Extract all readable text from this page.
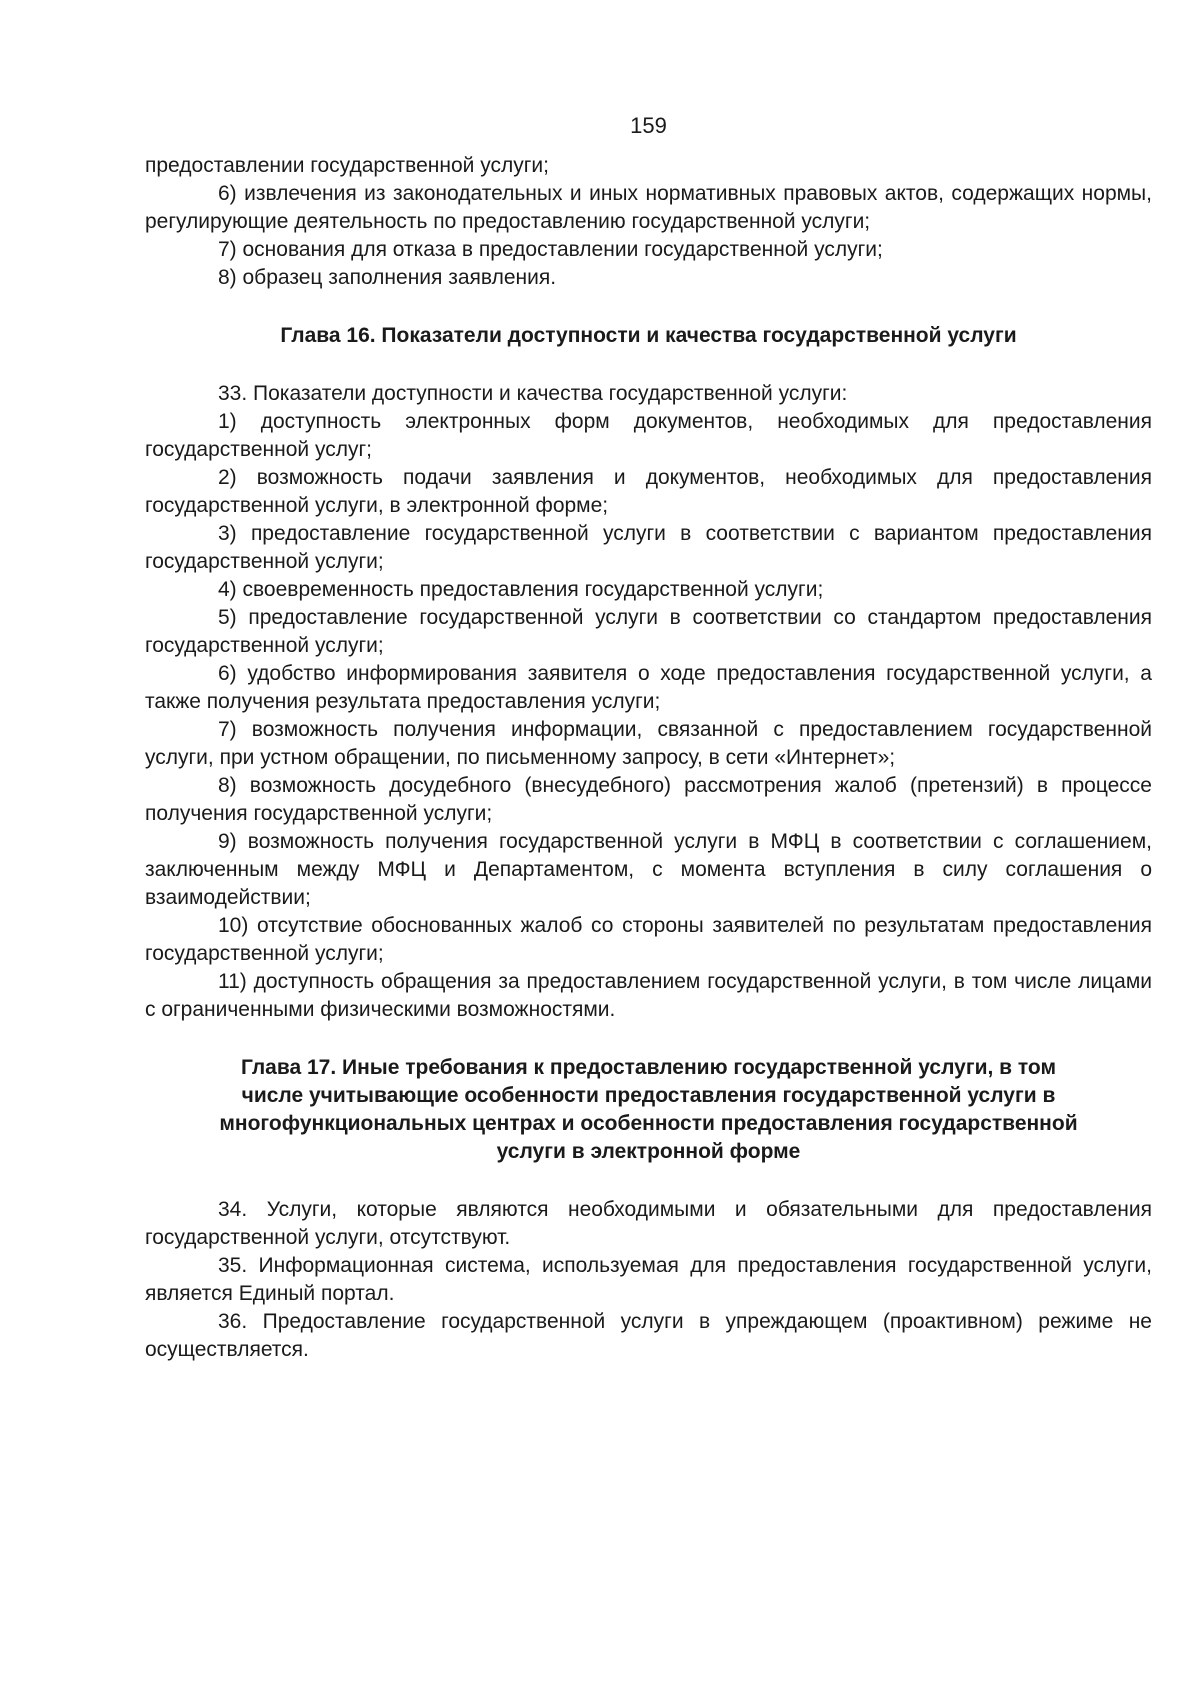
159

предоставлении государственной услуги;

6) извлечения из законодательных и иных нормативных правовых актов, содержащих нормы, регулирующие деятельность по предоставлению государственной услуги;

7) основания для отказа в предоставлении государственной услуги;

8) образец заполнения заявления.

Глава 16. Показатели доступности и качества государственной услуги

33. Показатели доступности и качества государственной услуги:

1) доступность электронных форм документов, необходимых для предоставления государственной услуг;

2) возможность подачи заявления и документов, необходимых для предоставления государственной услуги, в электронной форме;

3) предоставление государственной услуги в соответствии с вариантом предоставления государственной услуги;

4) своевременность предоставления государственной услуги;

5) предоставление государственной услуги в соответствии со стандартом предоставления государственной услуги;

6) удобство информирования заявителя о ходе предоставления государственной услуги, а также получения результата предоставления услуги;

7) возможность получения информации, связанной с предоставлением государственной услуги, при устном обращении, по письменному запросу, в сети «Интернет»;

8) возможность досудебного (внесудебного) рассмотрения жалоб (претензий) в процессе получения государственной услуги;

9) возможность получения государственной услуги в МФЦ в соответствии с соглашением, заключенным между МФЦ и Департаментом, с момента вступления в силу соглашения о взаимодействии;

10) отсутствие обоснованных жалоб со стороны заявителей по результатам предоставления государственной услуги;

11) доступность обращения за предоставлением государственной услуги, в том числе лицами с ограниченными физическими возможностями.

Глава 17. Иные требования к предоставлению государственной услуги, в том
числе учитывающие особенности предоставления государственной услуги в
многофункциональных центрах и особенности предоставления государственной
услуги в электронной форме

34. Услуги, которые являются необходимыми и обязательными для предоставления государственной услуги, отсутствуют.

35. Информационная система, используемая для предоставления государственной услуги, является Единый портал.

36. Предоставление государственной услуги в упреждающем (проактивном) режиме не осуществляется.
